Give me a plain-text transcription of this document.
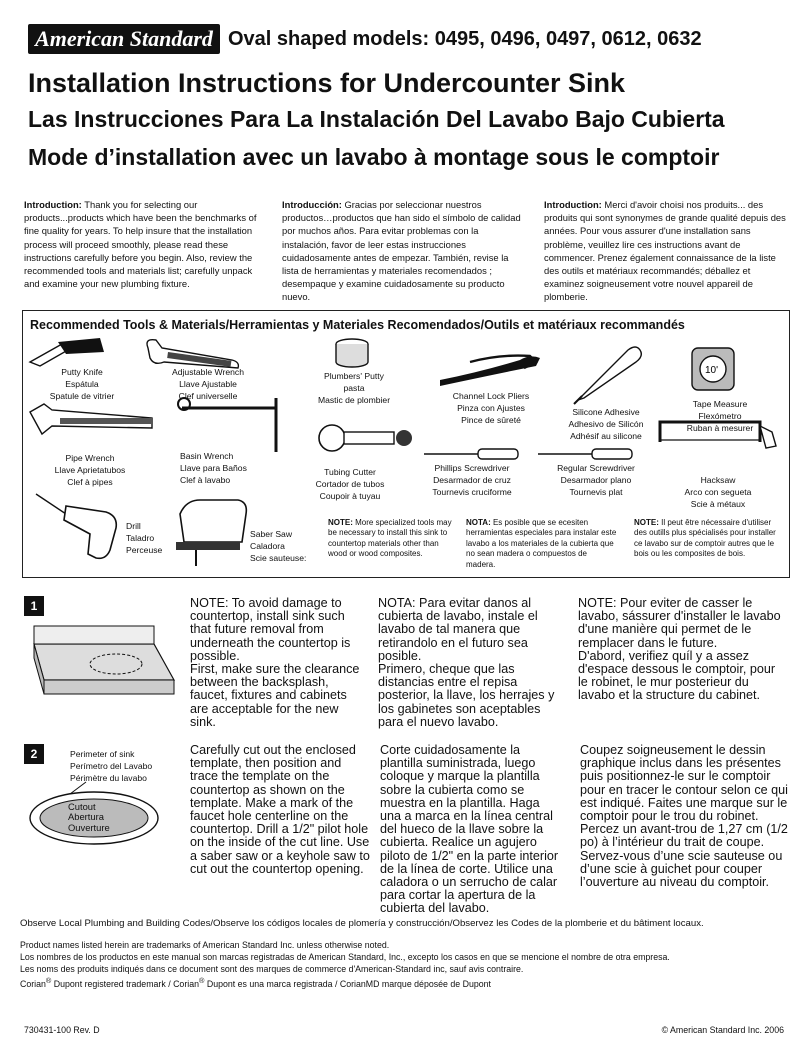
American Standard Oval shaped models: 0495, 0496, 0497, 0612, 0632
Installation Instructions for Undercounter Sink
Las Instrucciones Para La Instalación Del Lavabo Bajo Cubierta
Mode d’installation avec un lavabo à montage sous le comptoir
Introduction: Thank you for selecting our products...products which have been the benchmarks of fine quality for years. To help insure that the installation process will proceed smoothly, please read these instructions carefully before you begin. Also, review the recommended tools and materials list; carefully unpack and examine your new plumbing fixture.
Introducción: Gracias por seleccionar nuestros productos…productos que han sido el símbolo de calidad por muchos años. Para evitar problemas con la instalación, favor de leer estas instrucciones cuidadosamente antes de empezar. También, revise la lista de herramientas y materiales recomendados ; desempaque y examine cuidadosamente su producto nuevo.
Introduction: Merci d'avoir choisi nos produits... des produits qui sont synonymes de grande qualité depuis des années. Pour vous assurer d'une installation sans problème, veuillez lire ces instructions avant de commencer. Prenez également connaissance de la liste des outils et matériaux recommandés; déballez et examinez soigneusement votre nouvel appareil de plomberie.
Recommended Tools & Materials/Herramientas y Materiales Recomendados/Outils et matériaux recommandés
10'
Putty Knife
Espátula
Spatule de vitrier
Adjustable Wrench
Llave Ajustable
Clef universelle
Plumbers' Putty
pasta
Mastic de plombier	Channel Lock Pliers
Pinza con Ajustes
Pince de sûreté
Silicone Adhesive
Adhesivo de Silicón
Adhésif au silicone
Tape Measure
Flexómetro
Ruban à mesurer
Pipe Wrench
Llave Aprietatubos
Clef à pipes
Basin Wrench
Llave para Baños
Clef à lavabo
Tubing Cutter
Cortador de tubos
Coupoir à tuyau
Phillips Screwdriver
Desarmador de cruz
Tournevis cruciforme
Regular Screwdriver
Desarmador plano
Tournevis plat
Hacksaw
Arco con segueta
Scie à métaux
Drill
Taladro
Perceuse
Saber Saw
Caladora
Scie sauteuse:
NOTE: More specialized tools may be necessary to install this sink to countertop materials other than wood or wood composites.
NOTA: Es posible que se ecesiten herramientas especiales para instalar este lavabo a los materiales de la cubierta que no sean madera o compuestos de madera.
NOTE: Il peut être nécessaire d'utiliser des outills plus spécialisés pour installer ce lavabo sur de comptoir autres que le bois ou les composites de bois.
1	NOTE: To avoid damage to countertop, install sink such that future removal from underneath the countertop is possible.
First, make sure the clearance between the backsplash, faucet, fixtures and cabinets are acceptable for the new sink.
NOTA: Para evitar danos al cubierta de lavabo, instale el lavabo de tal manera que retirandolo en el futuro sea posible.
Primero, cheque que las distancias entre el repisa posterior, la llave, los herrajes y los gabinetes son aceptables para el nuevo lavabo.
NOTE: Pour eviter de casser le lavabo, sássurer d'installer le lavabo d'une manière qui permet de le remplacer dans le future.
D'abord, verifiez quíl y a assez d'espace dessous le comptoir, pour le robinet, le mur posterieur du lavabo et la structure du cabinet.
2	Perimeter of sink
Perímetro del Lavabo
Périmètre du lavabo
Cutout
Abertura
Ouverture
Carefully cut out the enclosed template, then position and trace the template on the countertop as shown on the template. Make a mark of the faucet hole centerline on the countertop. Drill a 1/2" pilot hole on the inside of the cut line. Use a saber saw or a keyhole saw to cut out the countertop opening.
Corte cuidadosamente la plantilla suministrada, luego coloque y marque la plantilla sobre la cubierta como se muestra en la plantilla. Haga una a marca en la línea central del hueco de la llave sobre la cubierta. Realice un agujero piloto de 1/2" en la parte interior de la línea de corte. Utilice una caladora o un serrucho de calar para cortar la apertura de la cubierta del lavabo.
Coupez soigneusement le dessin graphique inclus dans les présentes puis positionnez-le sur le comptoir pour en tracer le contour selon ce qui est indiqué. Faites une marque sur le comptoir pour le trou du robinet. Percez un avant-trou de 1,27 cm (1/2 po) à l’intérieur du trait de coupe. Servez-vous d’une scie sauteuse ou d’une scie à guichet pour couper l’ouverture au niveau du comptoir.
Observe Local Plumbing and Building Codes/Observe los códigos locales de plomería y construcción/Observez les Codes de la plomberie et du bâtiment locaux.
Product names listed herein are trademarks of American Standard Inc. unless otherwise noted.
Los nombres de los productos en este manual son marcas registradas de American Standard, Inc., excepto los casos en que se mencione el nombre de otra empresa.
Les noms des produits indiqués dans ce document sont des marques de commerce d'American-Standard inc, sauf avis contraire.
Corian® Dupont registered trademark / Corian® Dupont es una marca registrada / CorianMD marque déposée de Dupont
730431-100 Rev. D	© American Standard Inc. 2006
